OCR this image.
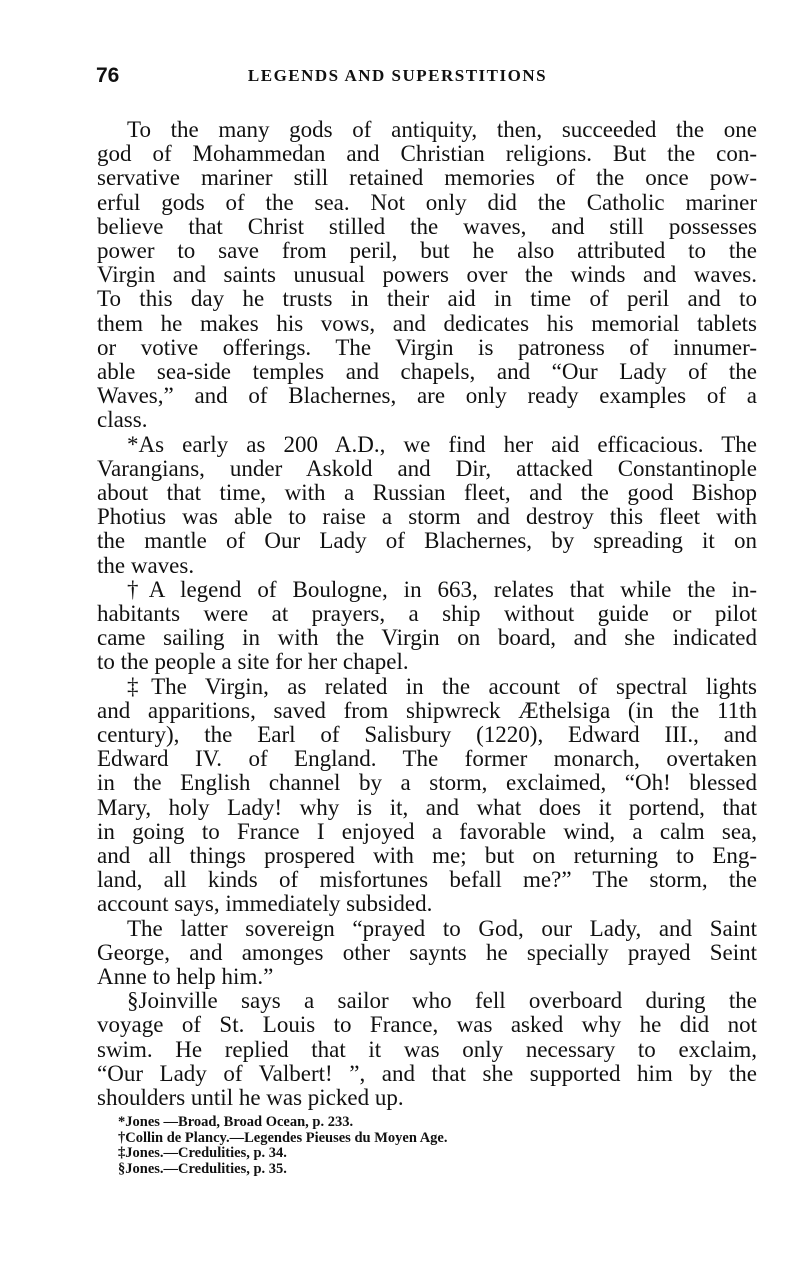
76	LEGENDS AND SUPERSTITIONS
To the many gods of antiquity, then, succeeded the one
god of Mohammedan and Christian religions. But the con-
servative mariner still retained memories of the once pow-
erful gods of the sea. Not only did the Catholic mariner
believe that Christ stilled the waves, and still possesses
power to save from peril, but he also attributed to the
Virgin and saints unusual powers over the winds and waves.
To this day he trusts in their aid in time of peril and to
them he makes his vows, and dedicates his memorial tablets
or votive offerings. The Virgin is patroness of innumer-
able sea-side temples and chapels, and “Our Lady of the
Waves,” and of Blachernes, are only ready examples of a
class.
*As early as 200 A.D., we find her aid efficacious. The
Varangians, under Askold and Dir, attacked Constantinople
about that time, with a Russian fleet, and the good Bishop
Photius was able to raise a storm and destroy this fleet with
the mantle of Our Lady of Blachernes, by spreading it on
the waves.
†A legend of Boulogne, in 663, relates that while the in-
habitants were at prayers, a ship without guide or pilot
came sailing in with the Virgin on board, and she indicated
to the people a site for her chapel.
‡The Virgin, as related in the account of spectral lights
and apparitions, saved from shipwreck Æthelsiga (in the 11th
century), the Earl of Salisbury (1220), Edward III., and
Edward IV. of England. The former monarch, overtaken
in the English channel by a storm, exclaimed, “Oh! blessed
Mary, holy Lady! why is it, and what does it portend, that
in going to France I enjoyed a favorable wind, a calm sea,
and all things prospered with me; but on returning to Eng-
land, all kinds of misfortunes befall me?” The storm, the
account says, immediately subsided.
The latter sovereign “prayed to God, our Lady, and Saint
George, and amonges other saynts he specially prayed Seint
Anne to help him.”
§Joinville says a sailor who fell overboard during the
voyage of St. Louis to France, was asked why he did not
swim. He replied that it was only necessary to exclaim,
“Our Lady of Valbert! ”, and that she supported him by the
shoulders until he was picked up.
*Jones —Broad, Broad Ocean, p. 233.
†Collin de Plancy.—Legendes Pieuses du Moyen Age.
‡Jones.—Credulities, p. 34.
§Jones.—Credulities, p. 35.
